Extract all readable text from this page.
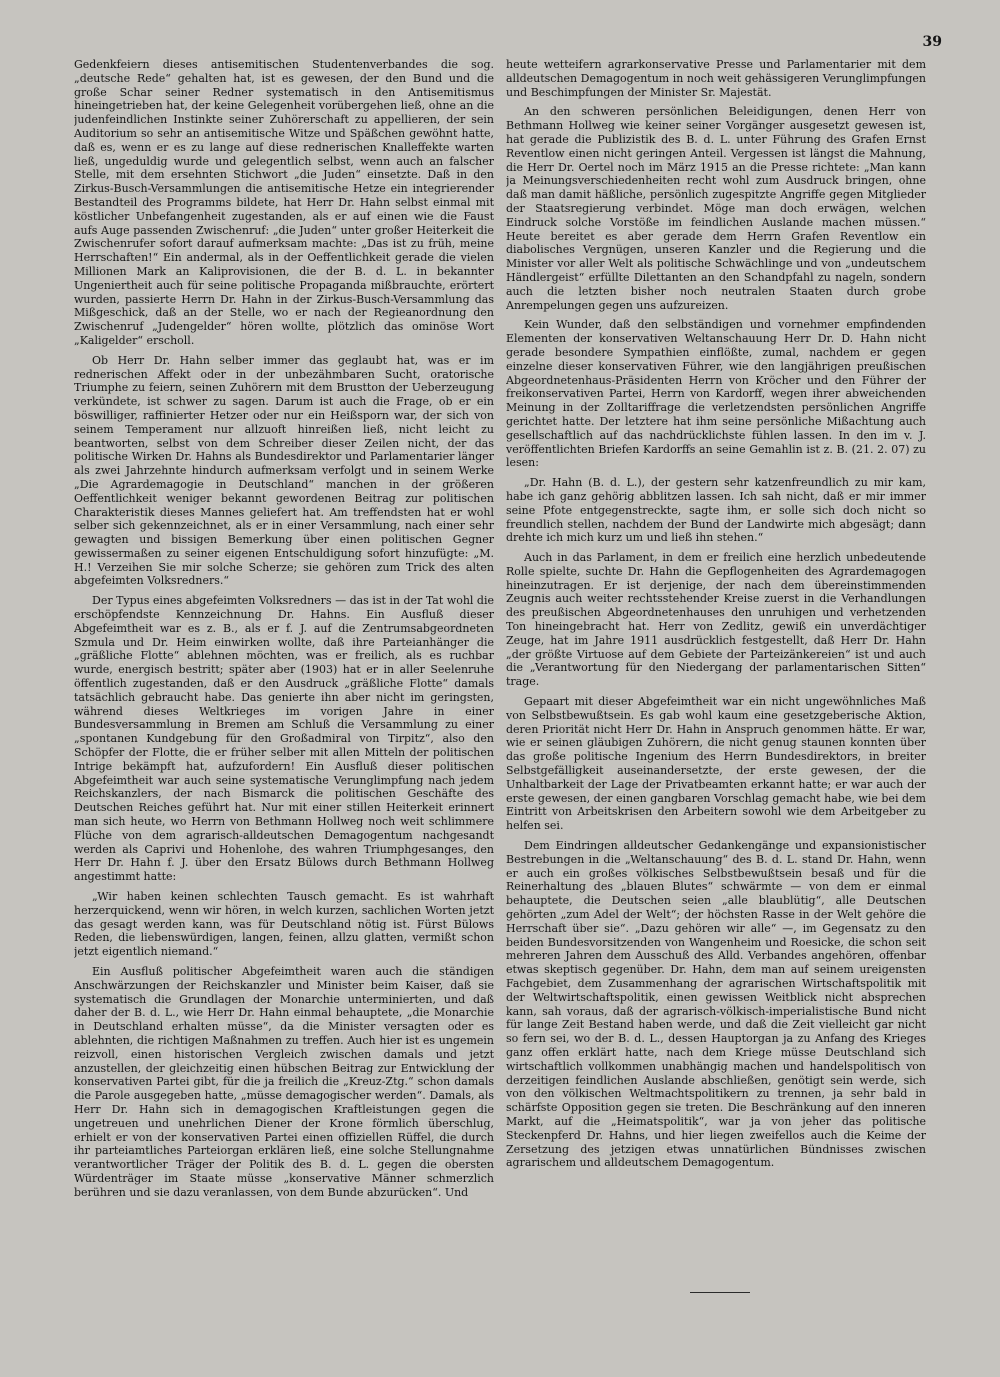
39

Gedenkfeiern dieses antisemitischen Studentenverbandes die sog. „deutsche Rede“ gehalten hat, ist es gewesen, der den Bund und die große Schar seiner Redner systematisch in den Antisemitismus hineingetrieben hat, der keine Gelegenheit vorübergehen ließ, ohne an die judenfeindlichen Instinkte seiner Zuhörerschaft zu appellieren, der sein Auditorium so sehr an antisemitische Witze und Späßchen gewöhnt hatte, daß es, wenn er es zu lange auf diese rednerischen Knalleffekte warten ließ, ungeduldig wurde und gelegentlich selbst, wenn auch an falscher Stelle, mit dem ersehnten Stichwort „die Juden“ einsetzte. Daß in den Zirkus-Busch-Versammlungen die antisemitische Hetze ein integrierender Bestandteil des Programms bildete, hat Herr Dr. Hahn selbst einmal mit köstlicher Unbefangenheit zugestanden, als er auf einen wie die Faust aufs Auge passenden Zwischenruf: „die Juden“ unter großer Heiterkeit die Zwischenrufer sofort darauf aufmerksam machte: „Das ist zu früh, meine Herrschaften!“ Ein andermal, als in der Oeffentlichkeit gerade die vielen Millionen Mark an Kaliprovisionen, die der B. d. L. in bekannter Ungeniertheit auch für seine politische Propaganda mißbrauchte, erörtert wurden, passierte Herrn Dr. Hahn in der Zirkus-Busch-Versammlung das Mißgeschick, daß an der Stelle, wo er nach der Regieanordnung den Zwischenruf „Judengelder“ hören wollte, plötzlich das ominöse Wort „Kaligelder“ erscholl.

Ob Herr Dr. Hahn selber immer das geglaubt hat, was er im rednerischen Affekt oder in der unbezähmbaren Sucht, oratorische Triumphe zu feiern, seinen Zuhörern mit dem Brustton der Ueberzeugung verkündete, ist schwer zu sagen. Darum ist auch die Frage, ob er ein böswilliger, raffinierter Hetzer oder nur ein Heißsporn war, der sich von seinem Temperament nur allzuoft hinreißen ließ, nicht leicht zu beantworten, selbst von dem Schreiber dieser Zeilen nicht, der das politische Wirken Dr. Hahns als Bundesdirektor und Parlamentarier länger als zwei Jahrzehnte hindurch aufmerksam verfolgt und in seinem Werke „Die Agrardemagogie in Deutschland“ manchen in der größeren Oeffentlichkeit weniger bekannt gewordenen Beitrag zur politischen Charakteristik dieses Mannes geliefert hat. Am treffendsten hat er wohl selber sich gekennzeichnet, als er in einer Versammlung, nach einer sehr gewagten und bissigen Bemerkung über einen politischen Gegner gewissermaßen zu seiner eigenen Entschuldigung sofort hinzufügte: „M. H.! Verzeihen Sie mir solche Scherze; sie gehören zum Trick des alten abgefeimten Volksredners.“

Der Typus eines abgefeimten Volksredners — das ist in der Tat wohl die erschöpfendste Kennzeichnung Dr. Hahns. Ein Ausfluß dieser Abgefeimtheit war es z. B., als er f. J. auf die Zentrumsabgeordneten Szmula und Dr. Heim einwirken wollte, daß ihre Parteianhänger die „gräßliche Flotte“ ablehnen möchten, was er freilich, als es ruchbar wurde, energisch bestritt; später aber (1903) hat er in aller Seelenruhe öffentlich zugestanden, daß er den Ausdruck „gräßliche Flotte“ damals tatsächlich gebraucht habe. Das genierte ihn aber nicht im geringsten, während dieses Weltkrieges im vorigen Jahre in einer Bundesversammlung in Bremen am Schluß die Versammlung zu einer „spontanen Kundgebung für den Großadmiral von Tirpitz“, also den Schöpfer der Flotte, die er früher selber mit allen Mitteln der politischen Intrige bekämpft hat, aufzufordern! Ein Ausfluß dieser politischen Abgefeimtheit war auch seine systematische Verunglimpfung nach jedem Reichskanzlers, der nach Bismarck die politischen Geschäfte des Deutschen Reiches geführt hat. Nur mit einer stillen Heiterkeit erinnert man sich heute, wo Herrn von Bethmann Hollweg noch weit schlimmere Flüche von dem agrarisch-alldeutschen Demagogentum nachgesandt werden als Caprivi und Hohenlohe, des wahren Triumphgesanges, den Herr Dr. Hahn f. J. über den Ersatz Bülows durch Bethmann Hollweg angestimmt hatte:

„Wir haben keinen schlechten Tausch gemacht. Es ist wahrhaft herzerquickend, wenn wir hören, in welch kurzen, sachlichen Worten jetzt das gesagt werden kann, was für Deutschland nötig ist. Fürst Bülows Reden, die liebenswürdigen, langen, feinen, allzu glatten, vermißt schon jetzt eigentlich niemand.“

Ein Ausfluß politischer Abgefeimtheit waren auch die ständigen Anschwärzungen der Reichskanzler und Minister beim Kaiser, daß sie systematisch die Grundlagen der Monarchie unterminierten, und daß daher der B. d. L., wie Herr Dr. Hahn einmal behauptete, „die Monarchie in Deutschland erhalten müsse“, da die Minister versagten oder es ablehnten, die richtigen Maßnahmen zu treffen. Auch hier ist es ungemein reizvoll, einen historischen Vergleich zwischen damals und jetzt anzustellen, der gleichzeitig einen hübschen Beitrag zur Entwicklung der konservativen Partei gibt, für die ja freilich die „Kreuz-Ztg.“ schon damals die Parole ausgegeben hatte, „müsse demagogischer werden“. Damals, als Herr Dr. Hahn sich in demagogischen Kraftleistungen gegen die ungetreuen und unehrlichen Diener der Krone förmlich überschlug, erhielt er von der konservativen Partei einen offiziellen Rüffel, die durch ihr parteiamtliches Parteiorgan erklären ließ, eine solche Stellungnahme verantwortlicher Träger der Politik des B. d. L. gegen die obersten Würdenträger im Staate müsse „konservative Männer schmerzlich berühren und sie dazu veranlassen, von dem Bunde abzurücken“. Und

heute wetteifern agrarkonservative Presse und Parlamentarier mit dem alldeutschen Demagogentum in noch weit gehässigeren Verunglimpfungen und Beschimpfungen der Minister Sr. Majestät.

An den schweren persönlichen Beleidigungen, denen Herr von Bethmann Hollweg wie keiner seiner Vorgänger ausgesetzt gewesen ist, hat gerade die Publizistik des B. d. L. unter Führung des Grafen Ernst Reventlow einen nicht geringen Anteil. Vergessen ist längst die Mahnung, die Herr Dr. Oertel noch im März 1915 an die Presse richtete: „Man kann ja Meinungsverschiedenheiten recht wohl zum Ausdruck bringen, ohne daß man damit häßliche, persönlich zugespitzte Angriffe gegen Mitglieder der Staatsregierung verbindet. Möge man doch erwägen, welchen Eindruck solche Vorstöße im feindlichen Auslande machen müssen.“ Heute bereitet es aber gerade dem Herrn Grafen Reventlow ein diabolisches Vergnügen, unseren Kanzler und die Regierung und die Minister vor aller Welt als politische Schwächlinge und von „undeutschem Händlergeist“ erfüllte Dilettanten an den Schandpfahl zu nageln, sondern auch die letzten bisher noch neutralen Staaten durch grobe Anrempelungen gegen uns aufzureizen.

Kein Wunder, daß den selbständigen und vornehmer empfindenden Elementen der konservativen Weltanschauung Herr Dr. D. Hahn nicht gerade besondere Sympathien einflößte, zumal, nachdem er gegen einzelne dieser konservativen Führer, wie den langjährigen preußischen Abgeordnetenhaus-Präsidenten Herrn von Kröcher und den Führer der freikonservativen Partei, Herrn von Kardorff, wegen ihrer abweichenden Meinung in der Zolltariffrage die verletzendsten persönlichen Angriffe gerichtet hatte. Der letztere hat ihm seine persönliche Mißachtung auch gesellschaftlich auf das nachdrücklichste fühlen lassen. In den im v. J. veröffentlichten Briefen Kardorffs an seine Gemahlin ist z. B. (21. 2. 07) zu lesen:

„Dr. Hahn (B. d. L.), der gestern sehr katzenfreundlich zu mir kam, habe ich ganz gehörig abblitzen lassen. Ich sah nicht, daß er mir immer seine Pfote entgegenstreckte, sagte ihm, er solle sich doch nicht so freundlich stellen, nachdem der Bund der Landwirte mich abgesägt; dann drehte ich mich kurz um und ließ ihn stehen.“

Auch in das Parlament, in dem er freilich eine herzlich unbedeutende Rolle spielte, suchte Dr. Hahn die Gepflogenheiten des Agrardemagogen hineinzutragen. Er ist derjenige, der nach dem übereinstimmenden Zeugnis auch weiter rechtsstehender Kreise zuerst in die Verhandlungen des preußischen Abgeordnetenhauses den unruhigen und verhetzenden Ton hineingebracht hat. Herr von Zedlitz, gewiß ein unverdächtiger Zeuge, hat im Jahre 1911 ausdrücklich festgestellt, daß Herr Dr. Hahn „der größte Virtuose auf dem Gebiete der Parteizänkereien“ ist und auch die „Verantwortung für den Niedergang der parlamentarischen Sitten“ trage.

Gepaart mit dieser Abgefeimtheit war ein nicht ungewöhnliches Maß von Selbstbewußtsein. Es gab wohl kaum eine gesetzgeberische Aktion, deren Priorität nicht Herr Dr. Hahn in Anspruch genommen hätte. Er war, wie er seinen gläubigen Zuhörern, die nicht genug staunen konnten über das große politische Ingenium des Herrn Bundesdirektors, in breiter Selbstgefälligkeit auseinandersetzte, der erste gewesen, der die Unhaltbarkeit der Lage der Privatbeamten erkannt hatte; er war auch der erste gewesen, der einen gangbaren Vorschlag gemacht habe, wie bei dem Eintritt von Arbeitskrisen den Arbeitern sowohl wie dem Arbeitgeber zu helfen sei.

Dem Eindringen alldeutscher Gedankengänge und expansionistischer Bestrebungen in die „Weltanschauung“ des B. d. L. stand Dr. Hahn, wenn er auch ein großes völkisches Selbstbewußtsein besaß und für die Reinerhaltung des „blauen Blutes“ schwärmte — von dem er einmal behauptete, die Deutschen seien „alle blaublütig“, alle Deutschen gehörten „zum Adel der Welt“; der höchsten Rasse in der Welt gehöre die Herrschaft über sie“. „Dazu gehören wir alle“ —, im Gegensatz zu den beiden Bundesvorsitzenden von Wangenheim und Roesicke, die schon seit mehreren Jahren dem Ausschuß des Alld. Verbandes angehören, offenbar etwas skeptisch gegenüber. Dr. Hahn, dem man auf seinem ureigensten Fachgebiet, dem Zusammenhang der agrarischen Wirtschaftspolitik mit der Weltwirtschaftspolitik, einen gewissen Weitblick nicht absprechen kann, sah voraus, daß der agrarisch-völkisch-imperialistische Bund nicht für lange Zeit Bestand haben werde, und daß die Zeit vielleicht gar nicht so fern sei, wo der B. d. L., dessen Hauptorgan ja zu Anfang des Krieges ganz offen erklärt hatte, nach dem Kriege müsse Deutschland sich wirtschaftlich vollkommen unabhängig machen und handelspolitisch von derzeitigen feindlichen Auslande abschließen, genötigt sein werde, sich von den völkischen Weltmachtspolitikern zu trennen, ja sehr bald in schärfste Opposition gegen sie treten. Die Beschränkung auf den inneren Markt, auf die „Heimatspolitik“, war ja von jeher das politische Steckenpferd Dr. Hahns, und hier liegen zweifellos auch die Keime der Zersetzung des jetzigen etwas unnatürlichen Bündnisses zwischen agrarischem und alldeutschem Demagogentum.
